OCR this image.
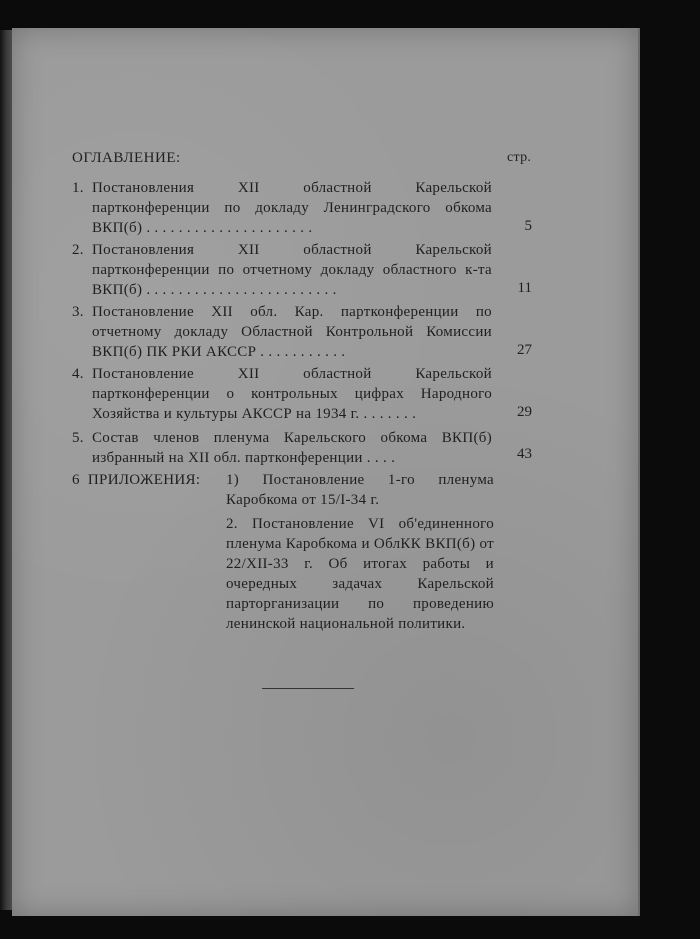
ОГЛАВЛЕНИЕ:	стр.
1. Постановления XII областной Карельской партконференции по докладу Ленинградского обкома ВКП(б) . . . . . . . . . . . . . . . . . . . . .	5
2. Постановления XII областной Карельской партконференции по отчетному докладу областного к-та ВКП(б) . . . . . . . . . . . . . . . . . . . . . . . .	11
3. Постановление XII обл. Кар. партконференции по отчетному докладу Областной Контрольной Комиссии ВКП(б) ПК РКИ АКССР . . . . . . . . . . .	27
4. Постановление XII областной Карельской партконференции о контрольных цифрах Народного Хозяйства и культуры АКССР на 1934 г. . . . . . . .	29
5. Состав членов пленума Карельского обкома ВКП(б) избранный на XII обл. партконференции . . . .	43
6 ПРИЛОЖЕНИЯ:	1) Постановление 1-го пленума Каробкома от 15/I-34 г.
2. Постановление VI об'единенного пленума Каробкома и ОблКК ВКП(б) от 22/XII-33 г. Об итогах работы и очередных задачах Карельской парторганизации по проведению ленинской национальной политики.
